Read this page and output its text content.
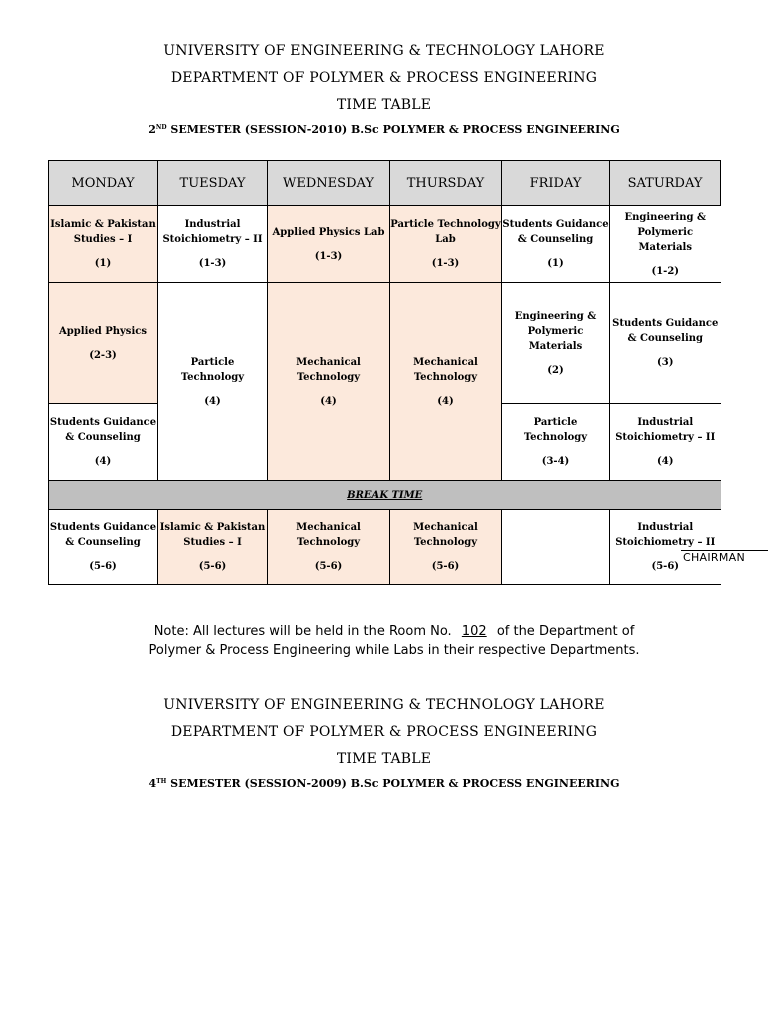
UNIVERSITY OF ENGINEERING & TECHNOLOGY LAHORE
DEPARTMENT OF POLYMER & PROCESS ENGINEERING
TIME TABLE
2ND SEMESTER (SESSION-2010) B.Sc POLYMER & PROCESS ENGINEERING
MONDAY	TUESDAY	WEDNESDAY	THURSDAY	FRIDAY	SATURDAY

Islamic & Pakistan Studies – I
(1)	Industrial Stoichiometry – II
(1-3)	Applied Physics Lab
(1-3)	Particle Technology Lab
(1-3)	Students Guidance & Counseling
(1)	Engineering & Polymeric Materials
(1-2)

Applied Physics
(2-3)	Particle Technology
(4)	Mechanical Technology
(4)	Mechanical Technology
(4)	Engineering & Polymeric Materials
(2)	Students Guidance & Counseling
(3)

Students Guidance & Counseling
(4)				Particle Technology
(3-4)	Industrial Stoichiometry – II
(4)

BREAK TIME					

Students Guidance & Counseling
(5-6)	Islamic & Pakistan Studies – I
(5-6)	Mechanical Technology
(5-6)	Mechanical Technology
(5-6)		Industrial Stoichiometry – II
(5-6)
CHAIRMAN
Note: All lectures will be held in the Room No. 102 of the Department of
Polymer & Process Engineering while Labs in their respective Departments.
UNIVERSITY OF ENGINEERING & TECHNOLOGY LAHORE
DEPARTMENT OF POLYMER & PROCESS ENGINEERING
TIME TABLE
4TH SEMESTER (SESSION-2009) B.Sc POLYMER & PROCESS ENGINEERING
